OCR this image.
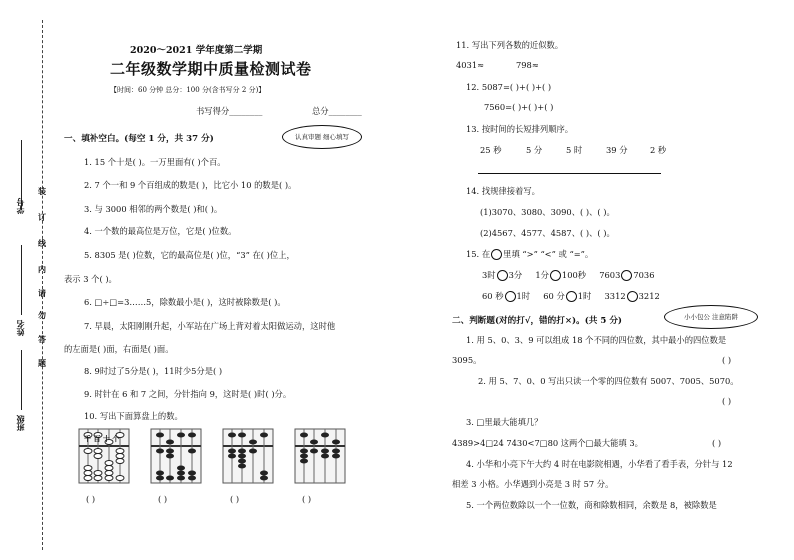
装
订
线
内
请
勿
答
题
学号
姓名
班级
2020～2021 学年度第二学期
二年级数学期中质量检测试卷
【时间：60 分钟 总分：100 分(含书写分 2 分)】
书写得分________	总分________
一、填补空白。(每空 1 分，共 37 分)	认真审题 细心填写
1. 15 个十是( )。一万里面有( )个百。
2. 7 个一和 9 个百组成的数是( )，比它小 10 的数是( )。
3. 与 3000 相邻的两个数是( )和( )。
4. 一个数的最高位是万位，它是( )位数。
5. 8305 是( )位数，它的最高位是( )位，“3” 在( )位上，
表示 3 个( )。
6. □÷□=3……5，除数最小是( )，这时被除数是( )。
7. 早晨，太阳刚刚升起，小军站在广场上背对着太阳做运动，这时他
的左面是( )面，右面是( )面。
8. 9时过了5分是( )，11时少5分是( )
9. 时针在 6 和 7 之间，分针指向 9，这时是( )时( )分。
10. 写出下面算盘上的数。
千 百 十 个
( )	( )	( )	( )
11. 写出下列各数的近似数。
4031≈	798≈
12. 5087=( )+( )+( )
7560=( )+( )+( )
13. 按时间的长短排列顺序。
25 秒	5 分	5 时	39 分	2 秒
14. 找规律接着写。
(1)3070、3080、3090、( )、( )。
(2)4567、4577、4587、( )、( )。
15. 在 里填 “>” “<” 或 “=”。
3时 3分 1分 100秒 7603 7036
60 秒 1时 60 分 1时 3312 3212
二、判断题(对的打√，错的打×)。(共 5 分)	小小包公 注意陷阱
1. 用 5、0、3、9 可以组成 18 个不同的四位数，其中最小的四位数是
3095。	( )
2. 用 5、7、0、0 写出只读一个零的四位数有 5007、7005、5070。
( )
3. □里最大能填几？
4389>4□24 7430<7□80 这两个□最大能填 3。	( )
4. 小华和小亮下午大约 4 时在电影院相遇，小华看了看手表，分针与 12
相差 3 小格。小华遇到小亮是 3 时 57 分。
5. 一个两位数除以一个一位数，商和除数相同，余数是 8，被除数是
